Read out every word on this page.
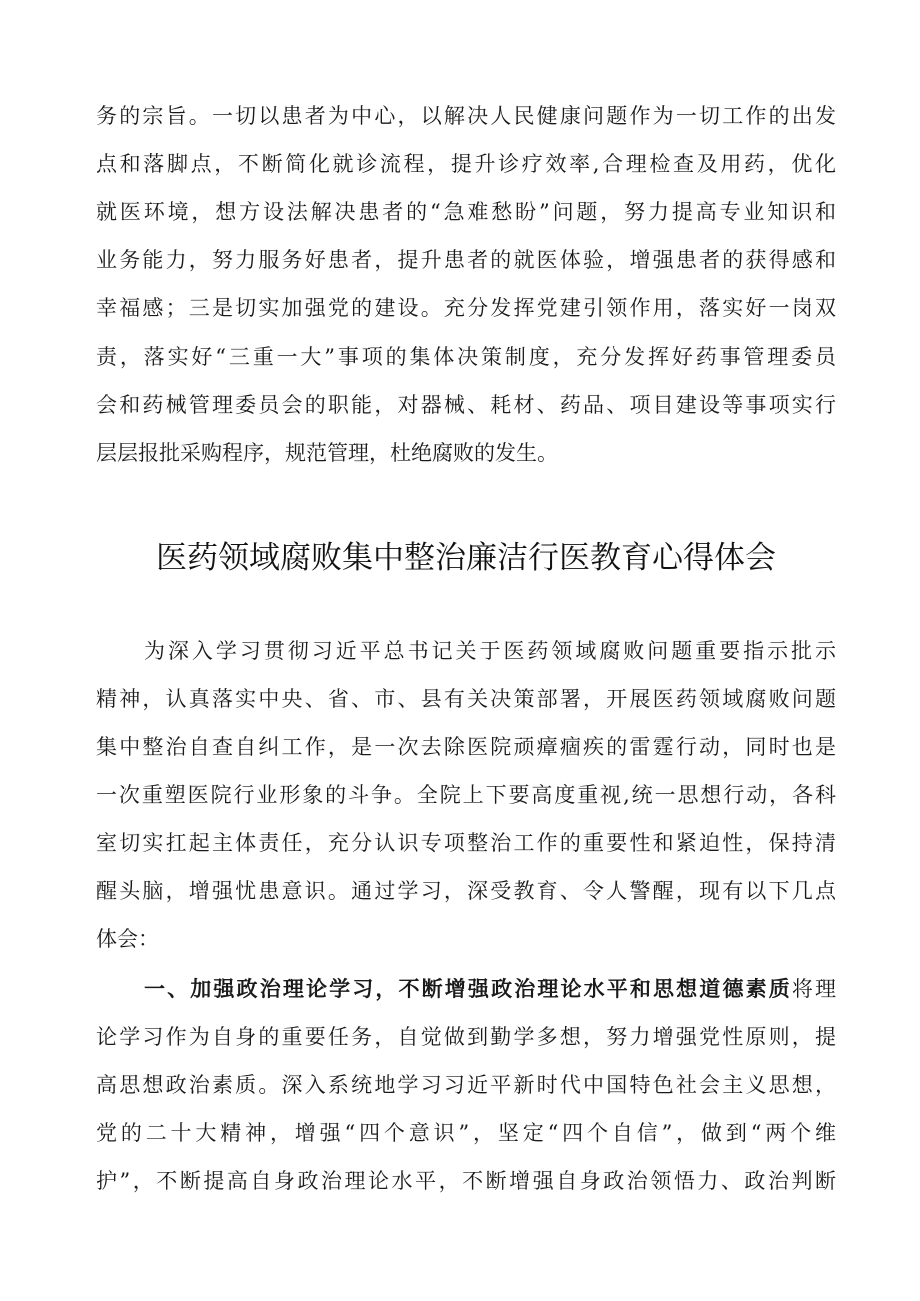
务的宗旨。一切以患者为中心，以解决人民健康问题作为一切工作的出发
点和落脚点，不断简化就诊流程，提升诊疗效率,合理检查及用药，优化
就医环境，想方设法解决患者的“急难愁盼”问题，努力提高专业知识和
业务能力，努力服务好患者，提升患者的就医体验，增强患者的获得感和
幸福感；三是切实加强党的建设。充分发挥党建引领作用，落实好一岗双
责，落实好“三重一大”事项的集体决策制度，充分发挥好药事管理委员
会和药械管理委员会的职能，对器械、耗材、药品、项目建设等事项实行
层层报批采购程序，规范管理，杜绝腐败的发生。
医药领域腐败集中整治廉洁行医教育心得体会
为深入学习贯彻习近平总书记关于医药领域腐败问题重要指示批示
精神，认真落实中央、省、市、县有关决策部署，开展医药领域腐败问题
集中整治自查自纠工作，是一次去除医院顽瘴痼疾的雷霆行动，同时也是
一次重塑医院行业形象的斗争。全院上下要高度重视,统一思想行动，各科
室切实扛起主体责任，充分认识专项整治工作的重要性和紧迫性，保持清
醒头脑，增强忧患意识。通过学习，深受教育、令人警醒，现有以下几点
体会：
一、加强政治理论学习，不断增强政治理论水平和思想道德素质将理
论学习作为自身的重要任务，自觉做到勤学多想，努力增强党性原则，提
高思想政治素质。深入系统地学习习近平新时代中国特色社会主义思想，
党的二十大精神，增强“四个意识”，坚定“四个自信”，做到“两个维
护”，不断提高自身政治理论水平，不断增强自身政治领悟力、政治判断
